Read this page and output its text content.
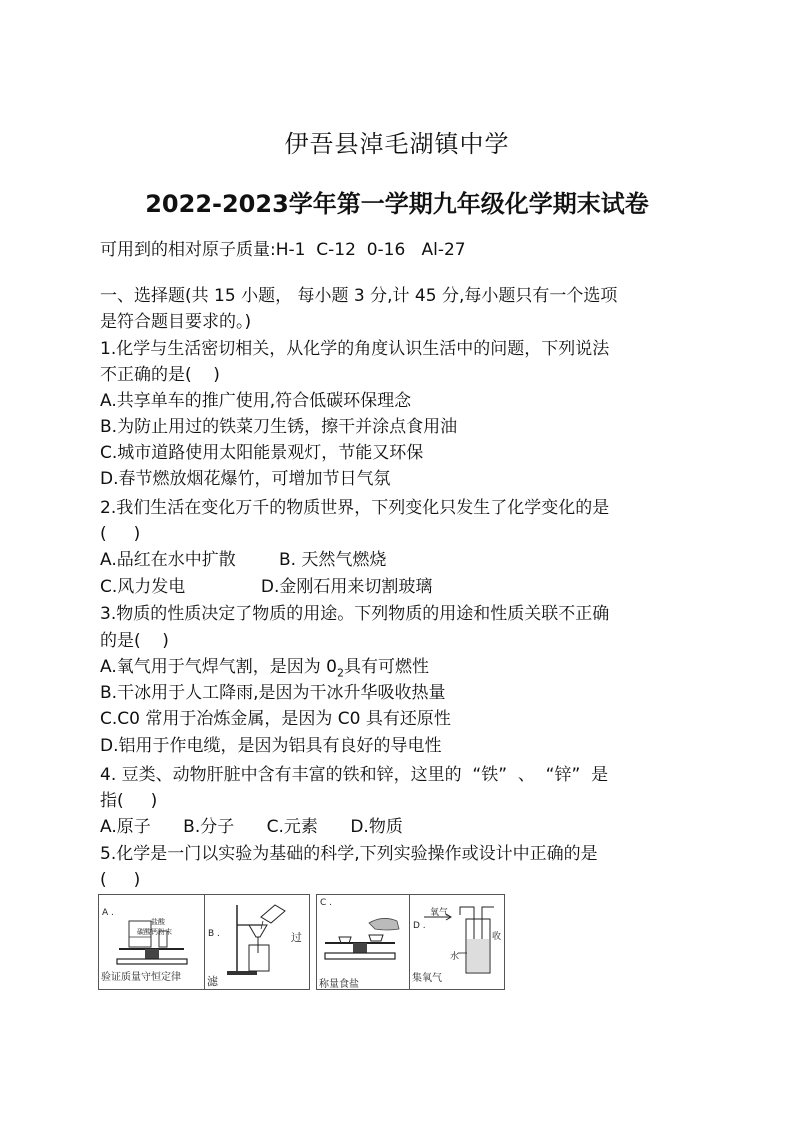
伊吾县淖毛湖镇中学
2022-2023学年第一学期九年级化学期末试卷
可用到的相对原子质量:H-1  C-12  0-16   Al-27
一、选择题(共 15 小题， 每小题 3 分,计 45 分,每小题只有一个选项
是符合题目要求的。)
1.化学与生活密切相关，从化学的角度认识生活中的问题，下列说法
不正确的是(    )
A.共享单车的推广使用,符合低碳环保理念
B.为防止用过的铁菜刀生锈，擦干并涂点食用油
C.城市道路使用太阳能景观灯，节能又环保
D.春节燃放烟花爆竹，可增加节日气氛
2.我们生活在变化万千的物质世界，下列变化只发生了化学变化的是
(     )
A.品红在水中扩散        B. 天然气燃烧
C.风力发电              D.金刚石用来切割玻璃
3.物质的性质决定了物质的用途。下列物质的用途和性质关联不正确
的是(    )
A.氧气用于气焊气割，是因为 $0_2$具有可燃性
B.干冰用于人工降雨,是因为干冰升华吸收热量
C.C0 常用于冶炼金属，是因为 C0 具有还原性
D.铝用于作电缆，是因为铝具有良好的导电性
4. 豆类、动物肝脏中含有丰富的铁和锌，这里的  “铁”  、  “锌”  是
指(     )
A.原子      B.分子      C.元素      D.物质
5.化学是一门以实验为基础的科学,下列实验操作或设计中正确的是
(     )
A .
盐酸
碳酸钙粉末
验证质量守恒定律
B .	过
滤
C .
称量食盐
D .
氧气
收
水
集氧气
